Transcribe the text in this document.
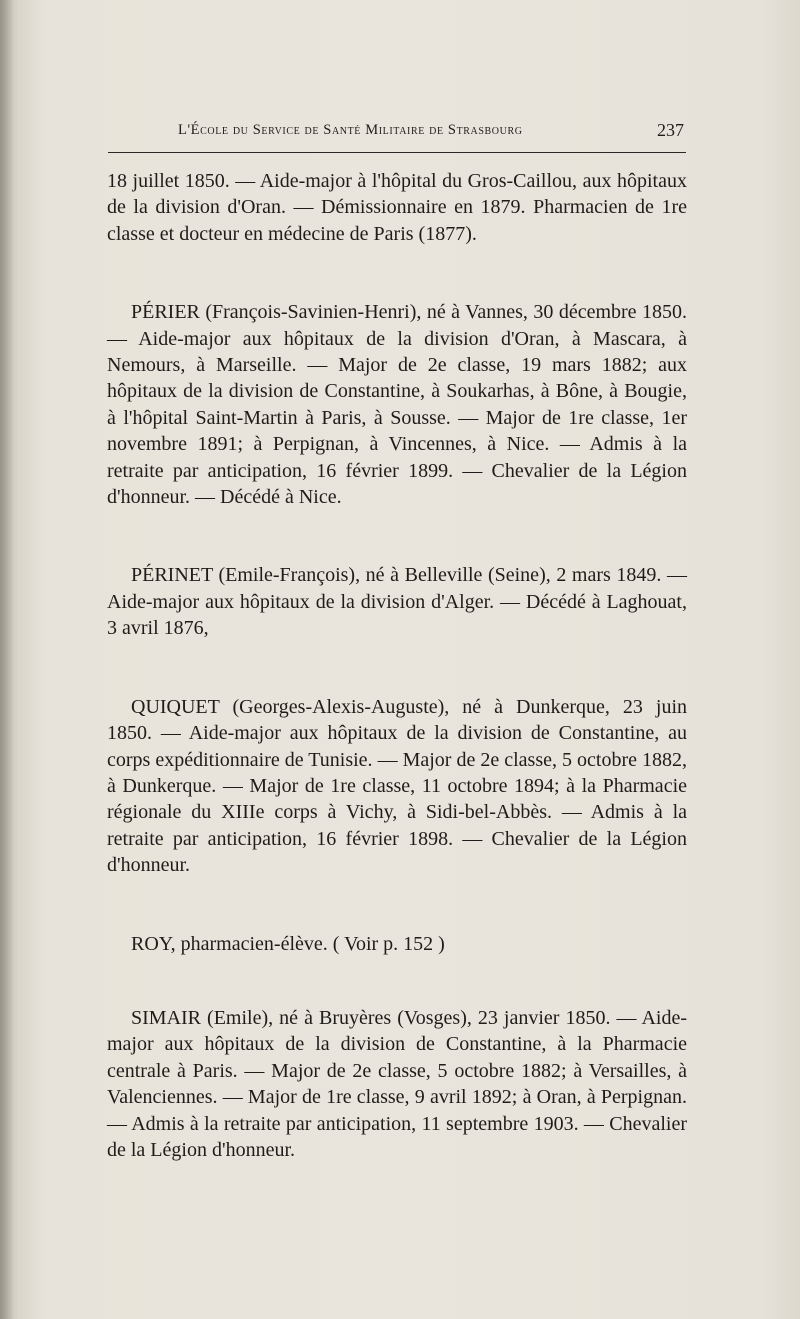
L'École du Service de Santé Militaire de Strasbourg	237

18 juillet 1850. — Aide-major à l'hôpital du Gros-Caillou, aux hôpitaux de la division d'Oran. — Démissionnaire en 1879. Pharmacien de 1re classe et docteur en médecine de Paris (1877).

PÉRIER (François-Savinien-Henri), né à Vannes, 30 décembre 1850. — Aide-major aux hôpitaux de la division d'Oran, à Mascara, à Nemours, à Marseille. — Major de 2e classe, 19 mars 1882; aux hôpitaux de la division de Constantine, à Soukarhas, à Bône, à Bougie, à l'hôpital Saint-Martin à Paris, à Sousse. — Major de 1re classe, 1er novembre 1891; à Perpignan, à Vincennes, à Nice. — Admis à la retraite par anticipation, 16 février 1899. — Chevalier de la Légion d'honneur. — Décédé à Nice.

PÉRINET (Emile-François), né à Belleville (Seine), 2 mars 1849. — Aide-major aux hôpitaux de la division d'Alger. — Décédé à Laghouat, 3 avril 1876,

QUIQUET (Georges-Alexis-Auguste), né à Dunkerque, 23 juin 1850. — Aide-major aux hôpitaux de la division de Constantine, au corps expéditionnaire de Tunisie. — Major de 2e classe, 5 octobre 1882, à Dunkerque. — Major de 1re classe, 11 octobre 1894; à la Pharmacie régionale du XIIIe corps à Vichy, à Sidi-bel-Abbès. — Admis à la retraite par anticipation, 16 février 1898. — Chevalier de la Légion d'honneur.

ROY, pharmacien-élève. ( Voir p. 152 )

SIMAIR (Emile), né à Bruyères (Vosges), 23 janvier 1850. — Aide-major aux hôpitaux de la division de Constantine, à la Pharmacie centrale à Paris. — Major de 2e classe, 5 octobre 1882; à Versailles, à Valenciennes. — Major de 1re classe, 9 avril 1892; à Oran, à Perpignan. — Admis à la retraite par anticipation, 11 septembre 1903. — Chevalier de la Légion d'honneur.
